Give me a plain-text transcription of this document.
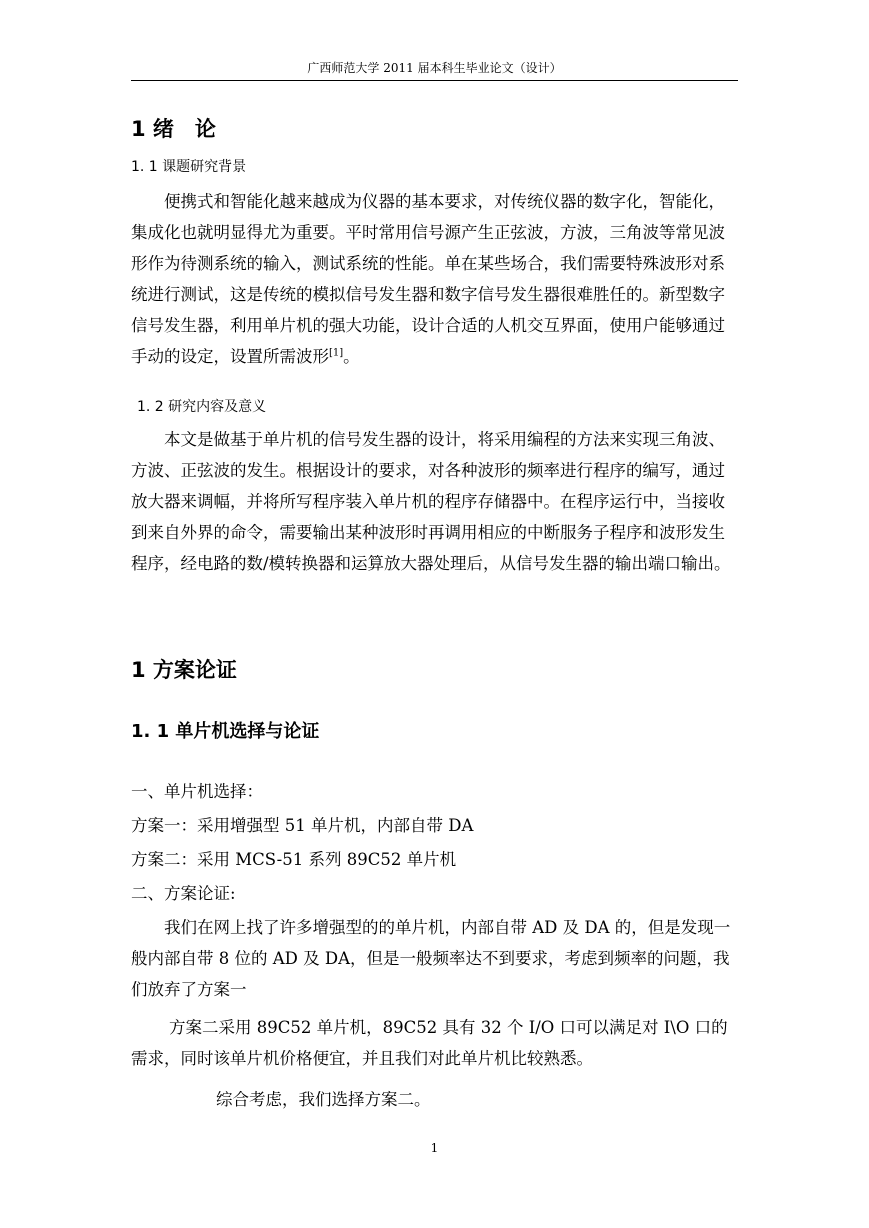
广西师范大学 2011 届本科生毕业论文（设计）
1 绪　论
1. 1 课题研究背景
便携式和智能化越来越成为仪器的基本要求，对传统仪器的数字化，智能化，集成化也就明显得尤为重要。平时常用信号源产生正弦波，方波，三角波等常见波形作为待测系统的输入，测试系统的性能。单在某些场合，我们需要特殊波形对系统进行测试，这是传统的模拟信号发生器和数字信号发生器很难胜任的。新型数字信号发生器，利用单片机的强大功能，设计合适的人机交互界面，使用户能够通过手动的设定，设置所需波形[1]。
1. 2 研究内容及意义
本文是做基于单片机的信号发生器的设计，将采用编程的方法来实现三角波、方波、正弦波的发生。根据设计的要求，对各种波形的频率进行程序的编写，通过放大器来调幅，并将所写程序装入单片机的程序存储器中。在程序运行中，当接收到来自外界的命令，需要输出某种波形时再调用相应的中断服务子程序和波形发生程序，经电路的数/模转换器和运算放大器处理后，从信号发生器的输出端口输出。
1 方案论证
1. 1 单片机选择与论证
一、单片机选择：
方案一：采用增强型 51 单片机，内部自带 DA
方案二：采用 MCS-51 系列 89C52 单片机
二、方案论证:
我们在网上找了许多增强型的的单片机，内部自带 AD 及 DA 的，但是发现一般内部自带 8 位的 AD 及 DA，但是一般频率达不到要求，考虑到频率的问题，我们放弃了方案一
方案二采用 89C52 单片机，89C52 具有 32 个 I/O 口可以满足对 I\O 口的需求，同时该单片机价格便宜，并且我们对此单片机比较熟悉。
综合考虑，我们选择方案二。
1
